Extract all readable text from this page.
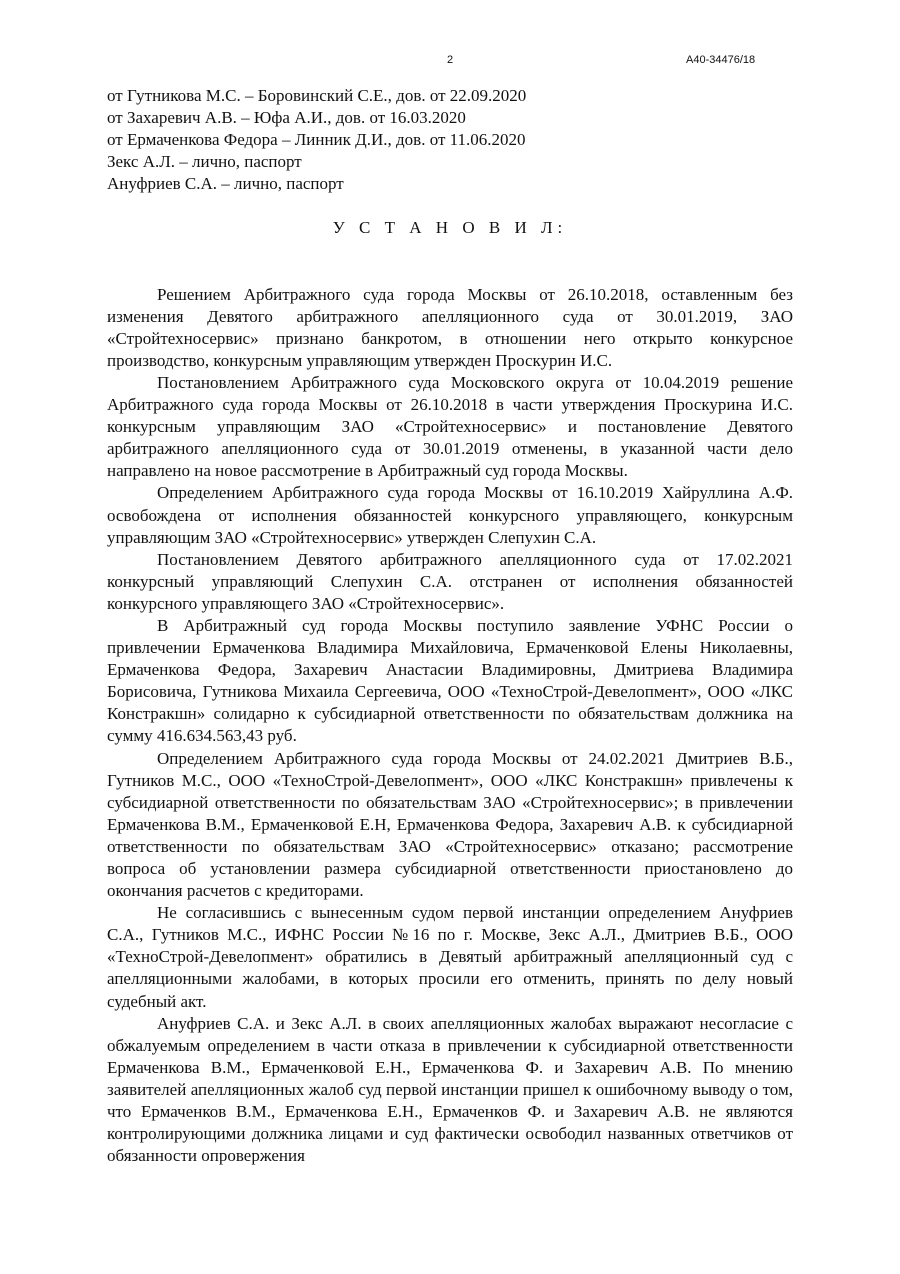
2	А40-34476/18

от Гутникова М.С. – Боровинский С.Е., дов. от 22.09.2020

от Захаревич А.В. – Юфа А.И., дов. от 16.03.2020

от Ермаченкова Федора – Линник Д.И., дов. от 11.06.2020

Зекс А.Л. – лично, паспорт

Ануфриев С.А. – лично, паспорт

У С Т А Н О В И Л:

Решением Арбитражного суда города Москвы от 26.10.2018, оставленным без изменения Девятого арбитражного апелляционного суда от 30.01.2019, ЗАО «Стройтехносервис» признано банкротом, в отношении него открыто конкурсное производство, конкурсным управляющим утвержден Проскурин И.С.

Постановлением Арбитражного суда Московского округа от 10.04.2019 решение Арбитражного суда города Москвы от 26.10.2018 в части утверждения Проскурина И.С. конкурсным управляющим ЗАО «Стройтехносервис» и постановление Девятого арбитражного апелляционного суда от 30.01.2019 отменены, в указанной части дело направлено на новое рассмотрение в Арбитражный суд города Москвы.

Определением Арбитражного суда города Москвы от 16.10.2019 Хайруллина А.Ф. освобождена от исполнения обязанностей конкурсного управляющего, конкурсным управляющим ЗАО «Стройтехносервис» утвержден Слепухин С.А.

Постановлением Девятого арбитражного апелляционного суда от 17.02.2021 конкурсный управляющий Слепухин С.А. отстранен от исполнения обязанностей конкурсного управляющего ЗАО «Стройтехносервис».

В Арбитражный суд города Москвы поступило заявление УФНС России о привлечении Ермаченкова Владимира Михайловича, Ермаченковой Елены Николаевны, Ермаченкова Федора, Захаревич Анастасии Владимировны, Дмитриева Владимира Борисовича, Гутникова Михаила Сергеевича, ООО «ТехноСтрой-Девелопмент», ООО «ЛКС Констракшн» солидарно к субсидиарной ответственности по обязательствам должника на сумму 416.634.563,43 руб.

Определением Арбитражного суда города Москвы от 24.02.2021 Дмитриев В.Б., Гутников М.С., ООО «ТехноСтрой-Девелопмент», ООО «ЛКС Констракшн» привлечены к субсидиарной ответственности по обязательствам ЗАО «Стройтехносервис»; в привлечении Ермаченкова В.М., Ермаченковой Е.Н, Ермаченкова Федора, Захаревич А.В. к субсидиарной ответственности по обязательствам ЗАО «Стройтехносервис» отказано; рассмотрение вопроса об установлении размера субсидиарной ответственности приостановлено до окончания расчетов с кредиторами.

Не согласившись с вынесенным судом первой инстанции определением Ануфриев С.А., Гутников М.С., ИФНС России №16 по г. Москве, Зекс А.Л., Дмитриев В.Б., ООО «ТехноСтрой-Девелопмент» обратились в Девятый арбитражный апелляционный суд с апелляционными жалобами, в которых просили его отменить, принять по делу новый судебный акт.

Ануфриев С.А. и Зекс А.Л. в своих апелляционных жалобах выражают несогласие с обжалуемым определением в части отказа в привлечении к субсидиарной ответственности Ермаченкова В.М., Ермаченковой Е.Н., Ермаченкова Ф. и Захаревич А.В. По мнению заявителей апелляционных жалоб суд первой инстанции пришел к ошибочному выводу о том, что Ермаченков В.М., Ермаченкова Е.Н., Ермаченков Ф. и Захаревич А.В. не являются контролирующими должника лицами и суд фактически освободил названных ответчиков от обязанности опровержения
